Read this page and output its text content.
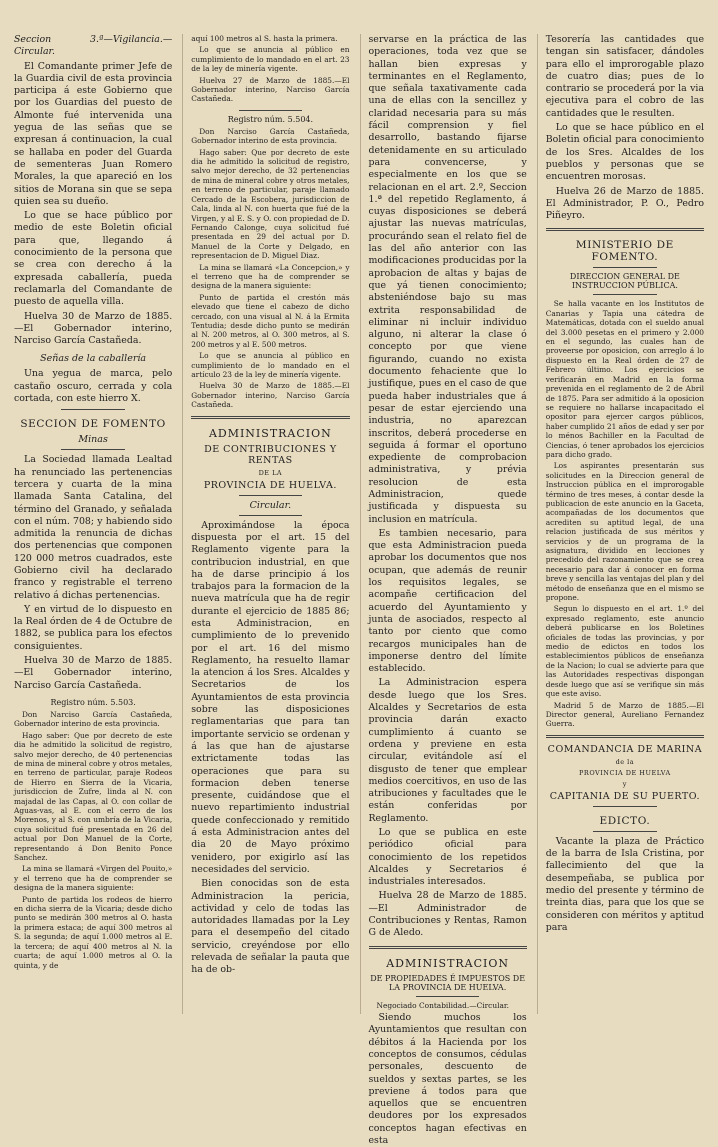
Seccion 3.ª—Vigilancia.—Circular.

El Comandante primer Jefe de la Guardia civil de esta provincia participa á este Gobierno que por los Guardias del puesto de Almonte fué intervenida una yegua de las señas que se expresan á continuacion, la cual se hallaba en poder del Guarda de sementeras Juan Romero Morales, la que apareció en los sitios de Morana sin que se sepa quien sea su dueño.

Lo que se hace público por medio de este Boletin oficial para que, llegando á conocimiento de la persona que se crea con derecho á la expresada caballería, pueda reclamarla del Comandante de puesto de aquella villa.

Huelva 30 de Marzo de 1885. —El Gobernador interino, Narciso García Castañeda.

Señas de la caballería

Una yegua de marca, pelo castaño oscuro, cerrada y cola cortada, con este hierro X.

SECCION DE FOMENTO
Minas

La Sociedad llamada Lealtad ha renunciado las pertenencias tercera y cuarta de la mina llamada Santa Catalina, del término del Granado, y señalada con el núm. 708; y habiendo sido admitida la renuncia de dichas dos pertenencias que componen 120 000 metros cuadrados, este Gobierno civil ha declarado franco y registrable el terreno relativo á dichas pertenencias.

Y en virtud de lo dispuesto en la Real órden de 4 de Octubre de 1882, se publica para los efectos consiguientes.

Huelva 30 de Marzo de 1885. —El Gobernador interino, Narciso García Castañeda.

Registro núm. 5.503.

Don Narciso García Castañeda, Gobernador interino de esta provincia.

Hago saber: Que por decreto de este dia he admitido la solicitud de registro, salvo mejor derecho, de 40 pertenencias de mina de mineral cobre y otros metales, en terreno de particular, paraje Rodeos de Hierro en Sierra de la Vicaria, jurisdiccion de Zufre, linda al N. con majadal de las Capas, al O. con collar de Aguas-vas, al E. con el cerro de los Morenos, y al S. con umbría de la Vicaria, cuya solicitud fué presentada en 26 del actual por Don Manuel de la Corte, representando á Don Benito Ponce Sanchez.

La mina se llamará «Virgen del Pouito,» y el terreno que ha de comprender se designa de la manera siguiente:

Punto de partida los rodeos de hierro en dicha sierra de la Vicaria; desde dicho punto se medirán 300 metros al O. hasta la primera estaca; de aquí 300 metros al S. la segunda; de aquí 1.000 metros al E. la tercera; de aquí 400 metros al N. la cuarta; de aquí 1.000 metros al O. la quinta, y de

aquí 100 metros al S. hasta la primera.

Lo que se anuncia al público en cumplimiento de lo mandado en el art. 23 de la ley de minería vigente.

Huelva 27 de Marzo de 1885.—El Gobernador interino, Narciso García Castañeda.

Registro núm. 5.504.

Don Narciso García Castañeda, Gobernador interino de esta provincia.

Hago saber: Que por decreto de este dia he admitido la solicitud de registro, salvo mejor derecho, de 32 pertenencias de mina de mineral cobre y otros metales, en terreno de particular, paraje llamado Cercado de la Escobera, jurisdiccion de Cala, linda al N. con huerta que fué de la Virgen, y al E. S. y O. con propiedad de D. Fernando Calonge, cuya solicitud fué presentada en 29 del actual por D. Manuel de la Corte y Delgado, en representacion de D. Miguel Diaz.

La mina se llamará «La Concepcion,» y el terreno que ha de comprender se designa de la manera siguiente:

Punto de partida el crestón más elevado que tiene el cabezo de dicho cercado, con una visual al N. á la Ermita Tentudia; desde dicho punto se medirán al N. 200 metros, al O. 300 metros, al S. 200 metros y al E. 500 metros.

Lo que se anuncia al público en cumplimiento de lo mandado en el artículo 23 de la ley de minería vigente.

Huelva 30 de Marzo de 1885.—El Gobernador interino, Narciso García Castañeda.

ADMINISTRACION
DE CONTRIBUCIONES Y RENTAS
DE LA
PROVINCIA DE HUELVA.
Circular.

Aproximándose la época dispuesta por el art. 15 del Reglamento vigente para la contribucion industrial, en que ha de darse principio á los trabajos para la formacion de la nueva matrícula que ha de regir durante el ejercicio de 1885 86; esta Administracion, en cumplimiento de lo prevenido por el art. 16 del mismo Reglamento, ha resuelto llamar la atencion á los Sres. Alcaldes y Secretarios de los Ayuntamientos de esta provincia sobre las disposiciones reglamentarias que para tan importante servicio se ordenan y á las que han de ajustarse extrictamente todas las operaciones que para su formacion deben tenerse presente, cuidándose que el nuevo repartimiento industrial quede confeccionado y remitido á esta Administracion antes del dia 20 de Mayo próximo venidero, por exigirlo así las necesidades del servicio.

Bien conocidas son de esta Administracion la pericia, actividad y celo de todas las autoridades llamadas por la Ley para el desempeño del citado servicio, creyéndose por ello relevada de señalar la pauta que ha de ob-

servarse en la práctica de las operaciones, toda vez que se hallan bien expresas y terminantes en el Reglamento, que señala taxativamente cada una de ellas con la sencillez y claridad necesaria para su más fácil comprension y fiel desarrollo, bastando fijarse detenidamente en su articulado para convencerse, y especialmente en los que se relacionan en el art. 2.º, Seccion 1.ª del repetido Reglamento, á cuyas disposiciones se deberá ajustar las nuevas matrículas, procurándo sean el relato fiel de las del año anterior con las modificaciones producidas por la aprobacion de altas y bajas de que yá tienen conocimiento; absteniéndose bajo su mas extrita responsabilidad de eliminar ni incluir individuo alguno, ni alterar la clase ó concepto por que viene figurando, cuando no exista documento fehaciente que lo justifique, pues en el caso de que pueda haber industriales que á pesar de estar ejerciendo una industria, no aparezcan inscritos, deberá procederse en seguida á formar el oportuno expediente de comprobacion administrativa, y prévia resolucion de esta Administracion, quede justificada y dispuesta su inclusion en matrícula.

Es tambien necesario, para que esta Administracion pueda aprobar los documentos que nos ocupan, que además de reunir los requisitos legales, se acompañe certificacion del acuerdo del Ayuntamiento y junta de asociados, respecto al tanto por ciento que como recargos municipales han de imponerse dentro del límite establecido.

La Administracion espera desde luego que los Sres. Alcaldes y Secretarios de esta provincia darán exacto cumplimiento á cuanto se ordena y previene en esta circular, evitándole así el disgusto de tener que emplear medios coercitivos, en uso de las atribuciones y facultades que le están conferidas por Reglamento.

Lo que se publica en este periódico oficial para conocimiento de los repetidos Alcaldes y Secretarios é industriales interesados.

Huelva 28 de Marzo de 1885. —El Administrador de Contribuciones y Rentas, Ramon G de Aledo.

ADMINISTRACION
DE PROPIEDADES É IMPUESTOS DE LA PROVINCIA DE HUELVA.

Negociado Contabilidad.—Circular.

Siendo muchos los Ayuntamientos que resultan con débitos á la Hacienda por los conceptos de consumos, cédulas personales, descuento de sueldos y sextas partes, se les previene á todos para que aquellos que se encuentren deudores por los expresados conceptos hagan efectivas en esta

Tesorería las cantidades que tengan sin satisfacer, dándoles para ello el improrogable plazo de cuatro dias; pues de lo contrario se procederá por la via ejecutiva para el cobro de las cantidades que le resulten.

Lo que se hace público en el Boletin oficial para conocimiento de los Sres. Alcaldes de los pueblos y personas que se encuentren morosas.

Huelva 26 de Marzo de 1885. El Administrador, P. O., Pedro Piñeyro.

MINISTERIO DE FOMENTO.
DIRECCION GENERAL DE INSTRUCCION PÚBLICA.

Se halla vacante en los Institutos de Canarias y Tapia una cátedra de Matemáticas, dotada con el sueldo anual del 3.000 pesetas en el primero y 2.000 en el segundo, las cuales han de proveerse por oposicion, con arreglo á lo dispuesto en la Real órden de 27 de Febrero último. Los ejercicios se verificarán en Madrid en la forma prevenida en el reglamento de 2 de Abril de 1875. Para ser admitido á la oposicion se requiere no hallarse incapacitado el opositor para ejercer cargos públicos, haber cumplido 21 años de edad y ser por lo ménos Bachiller en la Facultad de Ciencias, ó tener aprobados los ejercicios para dicho grado.

Los aspirantes presentarán sus solicitudes en la Direccion general de Instruccion pública en el improrogable término de tres meses, á contar desde la publicacion de este anuncio en la Gaceta, acompañadas de los documentos que acrediten su aptitud legal, de una relacion justificada de sus méritos y servicios y de un programa de la asignatura, dividido en lecciones y precedido del razonamiento que se crea necesario para dar á conocer en forma breve y sencilla las ventajas del plan y del método de enseñanza que en el mismo se propone.

Segun lo dispuesto en el art. 1.º del expresado reglamento, este anuncio deberá publicarse en los Boletines oficiales de todas las provincias, y por medio de edictos en todos los establecimientos públicos de enseñanza de la Nacion; lo cual se advierte para que las Autoridades respectivas dispongan desde luego que así se verifique sin más que este aviso.

Madrid 5 de Marzo de 1885.—El Director general, Aureliano Fernandez Guerra.

COMANDANCIA DE MARINA
de la
PROVINCIA DE HUELVA
y
CAPITANIA DE SU PUERTO.
EDICTO.

Vacante la plaza de Práctico de la barra de Isla Cristina, por fallecimiento del que la desempeñaba, se publica por medio del presente y término de treinta dias, para que los que se consideren con méritos y aptitud para
